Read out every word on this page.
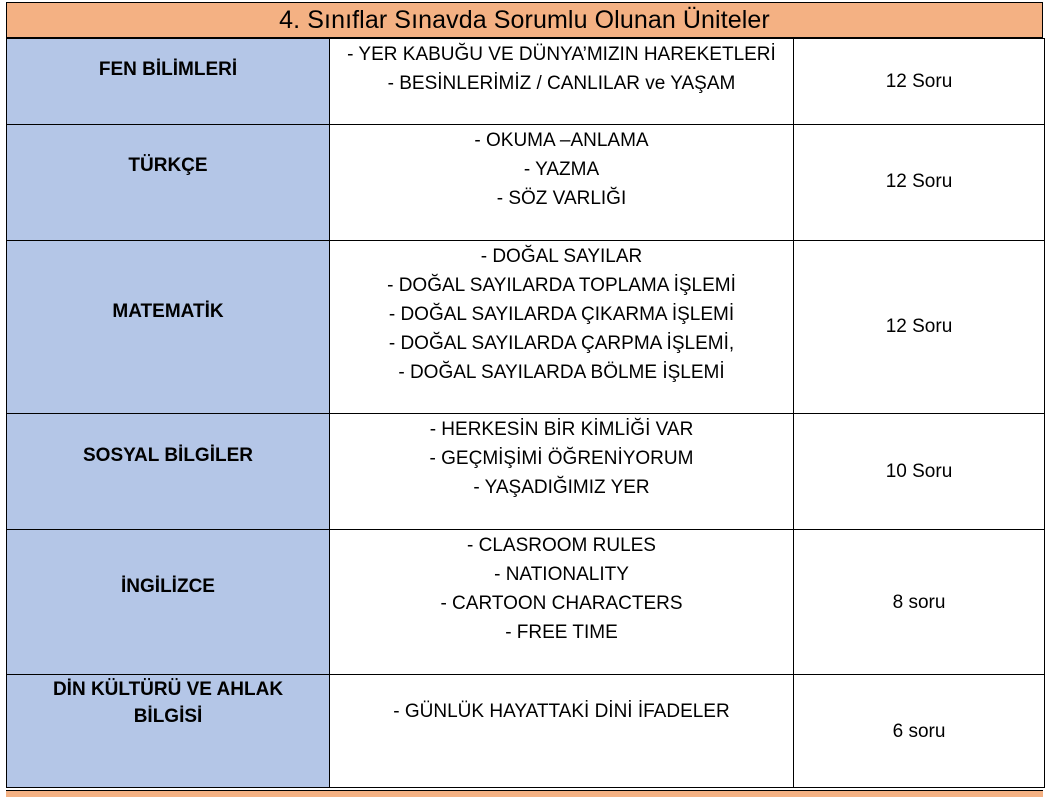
4. Sınıflar Sınavda Sorumlu Olunan Üniteler
FEN BİLİMLERİ	- YER KABUĞU VE DÜNYA’MIZIN HAREKETLERİ
- BESİNLERİMİZ / CANLILAR ve YAŞAM	12 Soru

TÜRKÇE	- OKUMA –ANLAMA
- YAZMA
- SÖZ VARLIĞI	12 Soru

MATEMATİK	- DOĞAL SAYILAR
- DOĞAL SAYILARDA TOPLAMA İŞLEMİ
- DOĞAL SAYILARDA ÇIKARMA İŞLEMİ
- DOĞAL SAYILARDA ÇARPMA İŞLEMİ,
- DOĞAL SAYILARDA BÖLME İŞLEMİ	12 Soru

SOSYAL BİLGİLER	- HERKESİN BİR KİMLİĞİ VAR
- GEÇMİŞİMİ ÖĞRENİYORUM
- YAŞADIĞIMIZ YER	10 Soru

İNGİLİZCE	- CLASROOM RULES
- NATIONALITY
- CARTOON CHARACTERS
- FREE TIME	8 soru

DİN KÜLTÜRÜ VE AHLAK BİLGİSİ	- GÜNLÜK HAYATTAKİ DİNİ İFADELER	6 soru
